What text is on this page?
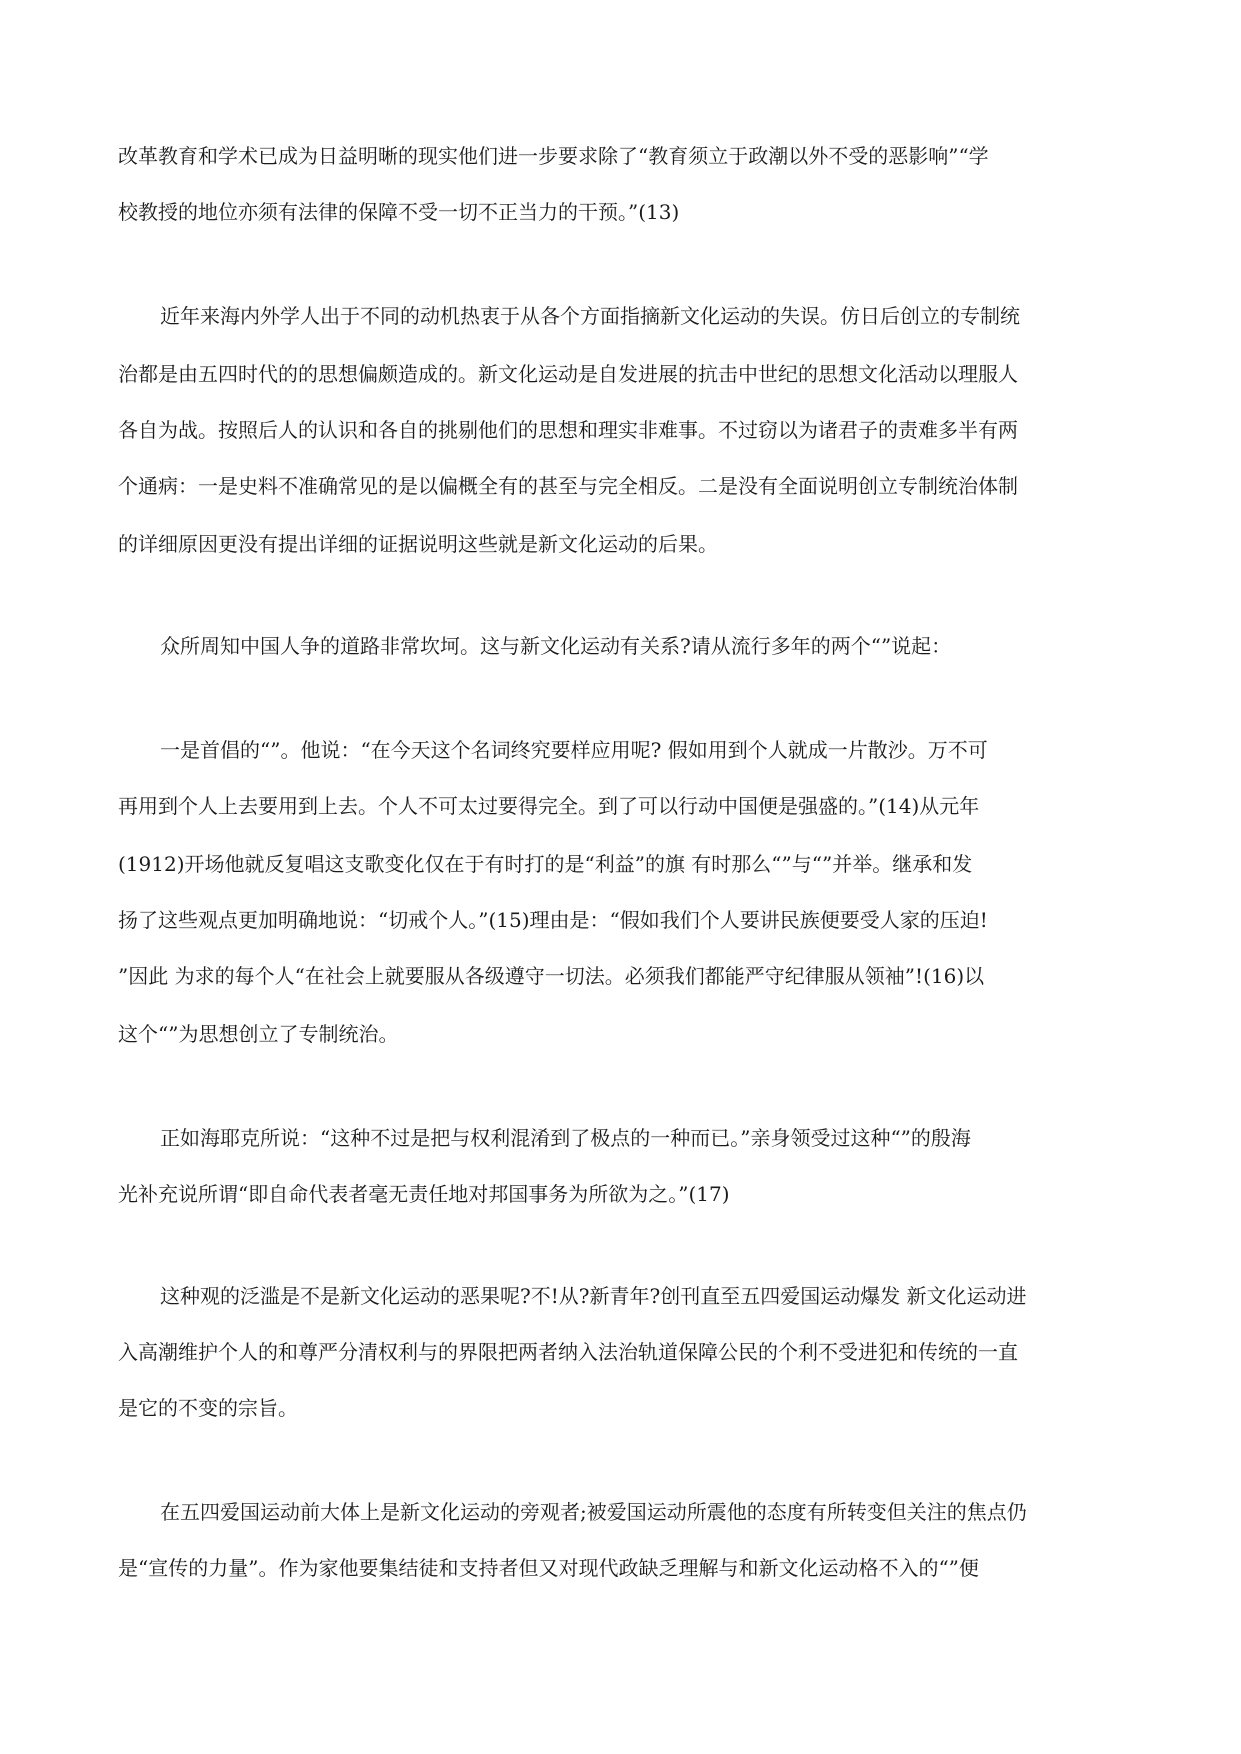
改革教育和学术已成为日益明晰的现实他们进一步要求除了“教育须立于政潮以外不受的恶影响”“学

校教授的地位亦须有法律的保障不受一切不正当力的干预。”(13)

近年来海内外学人出于不同的动机热衷于从各个方面指摘新文化运动的失误。仿日后创立的专制统

治都是由五四时代的的思想偏颇造成的。新文化运动是自发进展的抗击中世纪的思想文化活动以理服人

各自为战。按照后人的认识和各自的挑剔他们的思想和理实非难事。不过窃以为诸君子的责难多半有两

个通病：一是史料不准确常见的是以偏概全有的甚至与完全相反。二是没有全面说明创立专制统治体制

的详细原因更没有提出详细的证据说明这些就是新文化运动的后果。

众所周知中国人争的道路非常坎坷。这与新文化运动有关系?请从流行多年的两个“”说起：

一是首倡的“”。他说：“在今天这个名词终究要样应用呢? 假如用到个人就成一片散沙。万不可

再用到个人上去要用到上去。个人不可太过要得完全。到了可以行动中国便是强盛的。”(14)从元年

(1912)开场他就反复唱这支歌变化仅在于有时打的是“利益”的旗 有时那么“”与“”并举。继承和发

扬了这些观点更加明确地说：“切戒个人。”(15)理由是：“假如我们个人要讲民族便要受人家的压迫!

”因此 为求的每个人“在社会上就要服从各级遵守一切法。必须我们都能严守纪律服从领袖”!(16)以

这个“”为思想创立了专制统治。

正如海耶克所说：“这种不过是把与权利混淆到了极点的一种而已。”亲身领受过这种“”的殷海

光补充说所谓“即自命代表者毫无责任地对邦国事务为所欲为之。”(17)

这种观的泛滥是不是新文化运动的恶果呢?不!从?新青年?创刊直至五四爱国运动爆发 新文化运动进

入高潮维护个人的和尊严分清权利与的界限把两者纳入法治轨道保障公民的个利不受进犯和传统的一直

是它的不变的宗旨。

在五四爱国运动前大体上是新文化运动的旁观者;被爱国运动所震他的态度有所转变但关注的焦点仍

是“宣传的力量”。作为家他要集结徒和支持者但又对现代政缺乏理解与和新文化运动格不入的“”便
